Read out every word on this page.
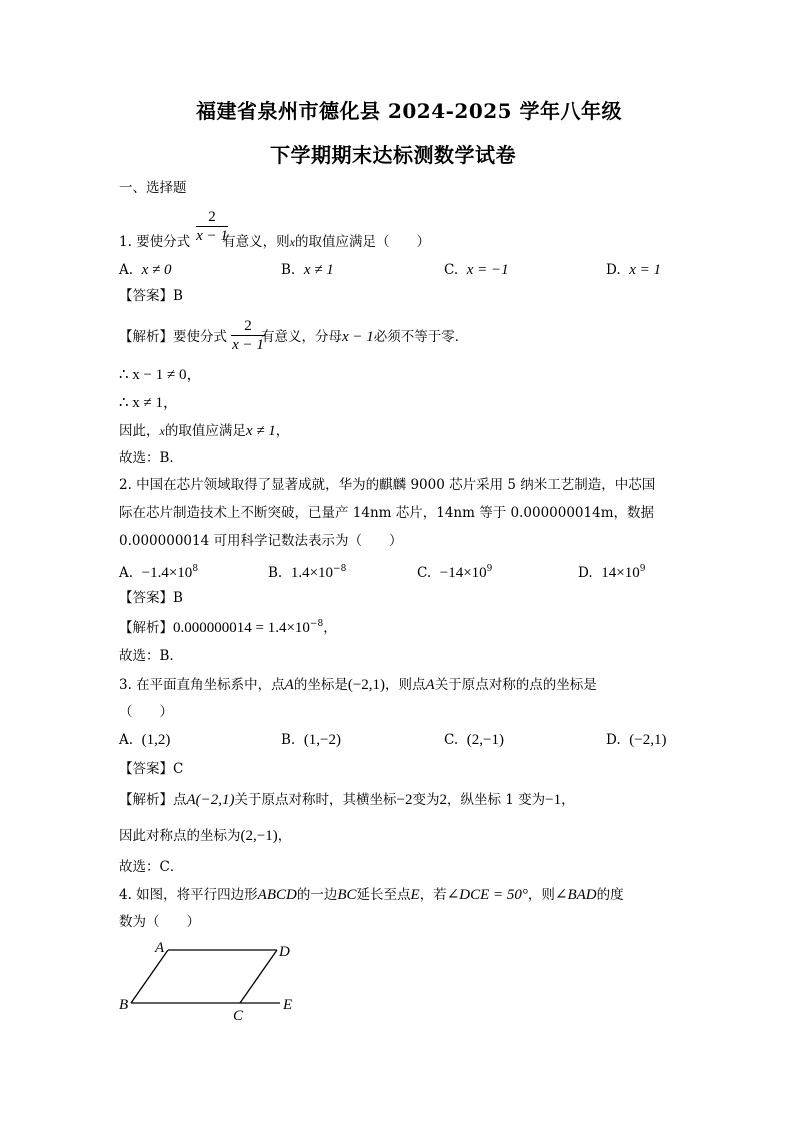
福建省泉州市德化县 2024-2025 学年八年级
下学期期末达标测数学试卷
一、选择题
2
x − 1
1. 要使分式 有意义，则x的取值应满足（　　）
A. x ≠ 0	B. x ≠ 1	C. x = −1	D. x = 1
【答案】B
2
x − 1
【解析】要使分式	有意义，分母x − 1必须不等于零．
∴ x − 1 ≠ 0，
∴ x ≠ 1，
因此，x的取值应满足x ≠ 1，
故选：B．
2. 中国在芯片领域取得了显著成就，华为的麒麟 9000 芯片采用 5 纳米工艺制造，中芯国
际在芯片制造技术上不断突破，已量产 14nm 芯片，14nm 等于 0.000000014m，数据
0.000000014 可用科学记数法表示为（　　）
A. $-1.4\times 10^8$	B. $1.4\times 10^{-8}$	C. $-14\times 10^9$	D. $14\times 10^9$
【答案】B
【解析】$0.000000014 = 1.4\times 10^{-8}$，
故选：B．
3. 在平面直角坐标系中，点A的坐标是(−2,1)，则点A关于原点对称的点的坐标是
（　　）
A. (1,2)	B. (1,−2)	C. (2,−1)	D. (−2,1)
【答案】C
【解析】点A(−2,1)关于原点对称时，其横坐标−2变为2，纵坐标 1 变为−1，
因此对称点的坐标为(2,−1)，
故选：C．
4. 如图，将平行四边形ABCD的一边BC延长至点E，若∠DCE = 50°，则∠BAD的度
数为（　　）
A	D
B
C
E
